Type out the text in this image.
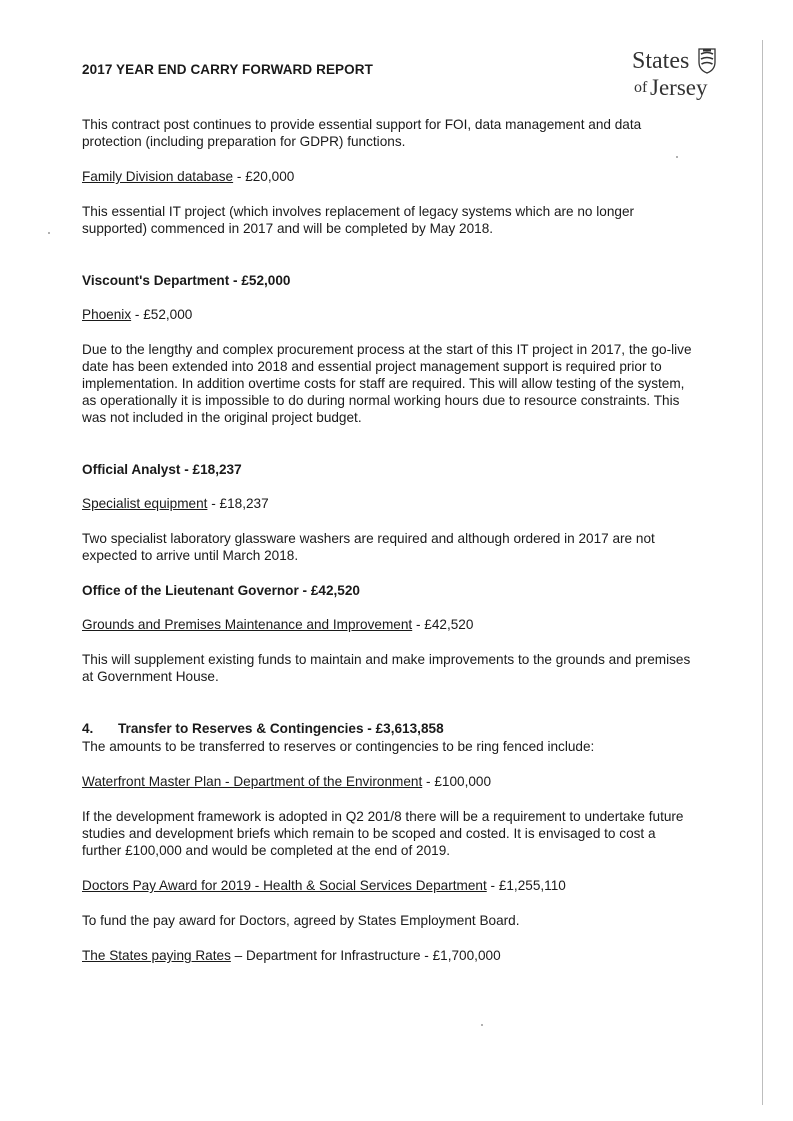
2017 YEAR END CARRY FORWARD REPORT	States
of Jersey

This contract post continues to provide essential support for FOI, data management and data protection (including preparation for GDPR) functions.

Family Division database - £20,000

This essential IT project (which involves replacement of legacy systems which are no longer supported) commenced in 2017 and will be completed by May 2018.

Viscount's Department - £52,000

Phoenix - £52,000

Due to the lengthy and complex procurement process at the start of this IT project in 2017, the go-live date has been extended into 2018 and essential project management support is required prior to implementation. In addition overtime costs for staff are required. This will allow testing of the system, as operationally it is impossible to do during normal working hours due to resource constraints. This was not included in the original project budget.

Official Analyst - £18,237

Specialist equipment - £18,237

Two specialist laboratory glassware washers are required and although ordered in 2017 are not expected to arrive until March 2018.

Office of the Lieutenant Governor - £42,520

Grounds and Premises Maintenance and Improvement - £42,520

This will supplement existing funds to maintain and make improvements to the grounds and premises at Government House.

4. Transfer to Reserves & Contingencies - £3,613,858

The amounts to be transferred to reserves or contingencies to be ring fenced include:

Waterfront Master Plan - Department of the Environment - £100,000

If the development framework is adopted in Q2 201/8 there will be a requirement to undertake future studies and development briefs which remain to be scoped and costed. It is envisaged to cost a further £100,000 and would be completed at the end of 2019.

Doctors Pay Award for 2019 - Health & Social Services Department - £1,255,110

To fund the pay award for Doctors, agreed by States Employment Board.

The States paying Rates – Department for Infrastructure - £1,700,000
